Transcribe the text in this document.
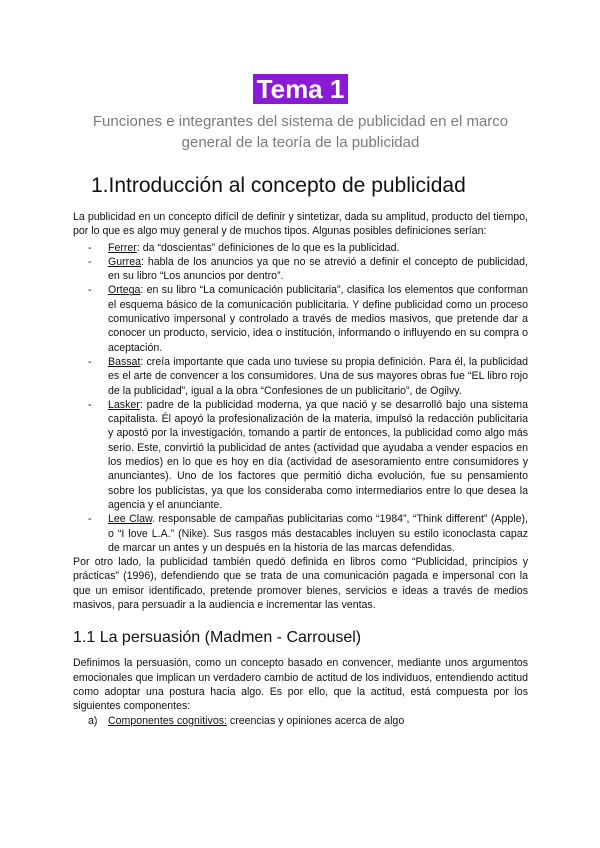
Tema 1
Funciones e integrantes del sistema de publicidad en el marco general de la teoría de la publicidad
1.Introducción al concepto de publicidad

La publicidad en un concepto difícil de definir y sintetizar, dada su amplitud, producto del tiempo, por lo que es algo muy general y de muchos tipos. Algunas posibles definiciones serían:

- Ferrer: da “doscientas” definiciones de lo que es la publicidad.
- Gurrea: habla de los anuncios ya que no se atrevió a definir el concepto de publicidad, en su libro “Los anuncios por dentro”.
- Ortega: en su libro “La comunicación publicitaria”, clasifica los elementos que conforman el esquema básico de la comunicación publicitaria. Y define publicidad como un proceso comunicativo impersonal y controlado a través de medios masivos, que pretende dar a conocer un producto, servicio, idea o institución, informando o influyendo en su compra o aceptación.
- Bassat: creía importante que cada uno tuviese su propia definición. Para él, la publicidad es el arte de convencer a los consumidores. Una de sus mayores obras fue “EL libro rojo de la publicidad”, igual a la obra “Confesiones de un publicitario”, de Ogilvy.
- Lasker: padre de la publicidad moderna, ya que nació y se desarrolló bajo una sistema capitalista. Él apoyó la profesionalización de la materia, impulsó la redacción publicitaria y apostó por la investigación, tomando a partir de entonces, la publicidad como algo más serio. Este, convirtió la publicidad de antes (actividad que ayudaba a vender espacios en los medios) en lo que es hoy en día (actividad de asesoramiento entre consumidores y anunciantes). Uno de los factores que permitió dicha evolución, fue su pensamiento sobre los publicistas, ya que los consideraba como intermediarios entre lo que desea la agencia y el anunciante.
- Lee Claw. responsable de campañas publicitarias como “1984”, “Think different” (Apple), o “I love L.A.” (Nike). Sus rasgos más destacables incluyen su estilo iconoclasta capaz de marcar un antes y un después en la historia de las marcas defendidas.

Por otro lado, la publicidad también quedó definida en libros como “Publicidad, principios y prácticas” (1996), defendiendo que se trata de una comunicación pagada e impersonal con la que un emisor identificado, pretende promover bienes, servicios e ideas a través de medios masivos, para persuadir a la audiencia e incrementar las ventas.

1.1 La persuasión (Madmen - Carrousel)

Definimos la persuasión, como un concepto basado en convencer, mediante unos argumentos emocionales que implican un verdadero cambio de actitud de los individuos, entendiendo actitud como adoptar una postura hacia algo. Es por ello, que la actitud, está compuesta por los siguientes componentes:

a) Componentes cognitivos: creencias y opiniones acerca de algo
